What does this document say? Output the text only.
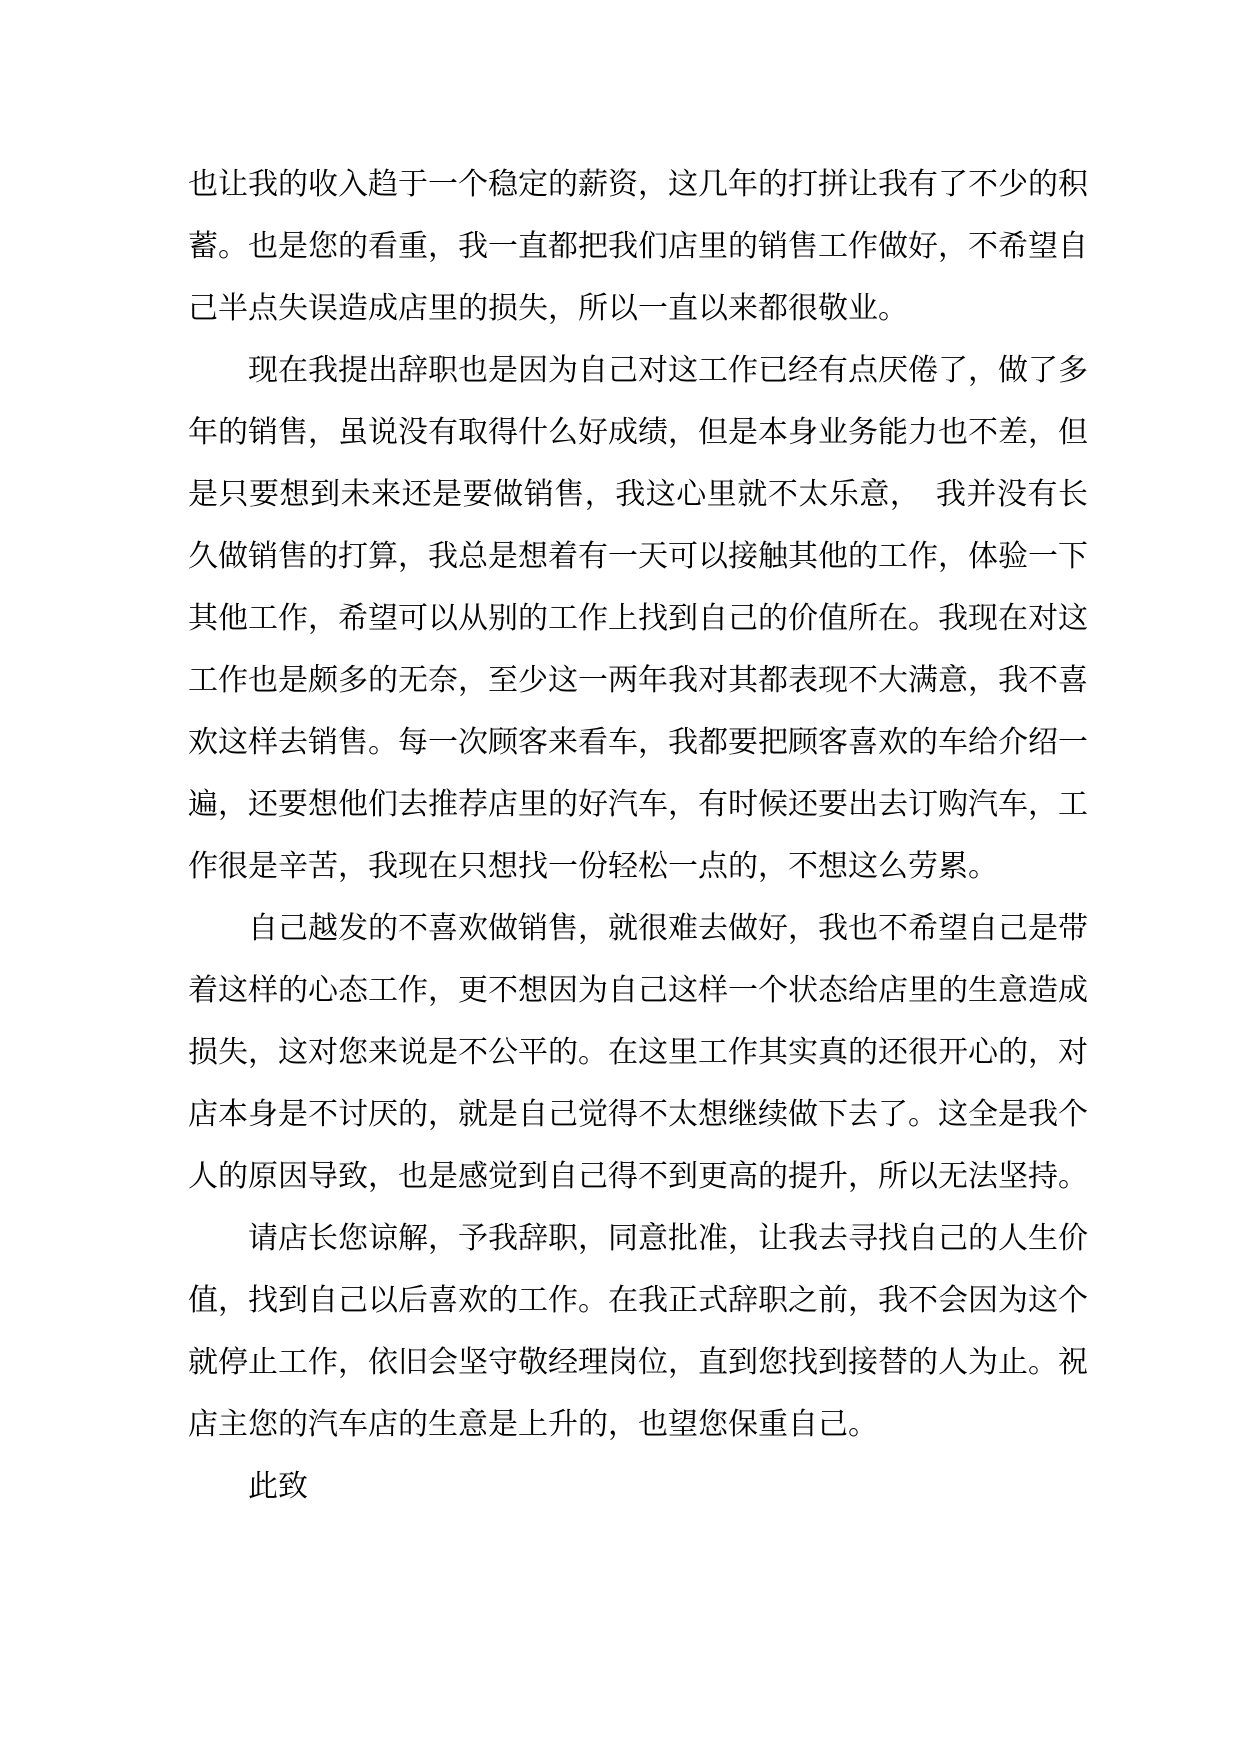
也让我的收入趋于一个稳定的薪资，这几年的打拼让我有了不少的积蓄。也是您的看重，我一直都把我们店里的销售工作做好，不希望自己半点失误造成店里的损失，所以一直以来都很敬业。

现在我提出辞职也是因为自己对这工作已经有点厌倦了，做了多年的销售，虽说没有取得什么好成绩，但是本身业务能力也不差，但是只要想到未来还是要做销售，我这心里就不太乐意，　我并没有长久做销售的打算，我总是想着有一天可以接触其他的工作，体验一下其他工作，希望可以从别的工作上找到自己的价值所在。我现在对这工作也是颇多的无奈，至少这一两年我对其都表现不大满意，我不喜欢这样去销售。每一次顾客来看车，我都要把顾客喜欢的车给介绍一遍，还要想他们去推荐店里的好汽车，有时候还要出去订购汽车，工作很是辛苦，我现在只想找一份轻松一点的，不想这么劳累。

自己越发的不喜欢做销售，就很难去做好，我也不希望自己是带着这样的心态工作，更不想因为自己这样一个状态给店里的生意造成损失，这对您来说是不公平的。在这里工作其实真的还很开心的，对店本身是不讨厌的，就是自己觉得不太想继续做下去了。这全是我个人的原因导致，也是感觉到自己得不到更高的提升，所以无法坚持。

请店长您谅解，予我辞职，同意批准，让我去寻找自己的人生价值，找到自己以后喜欢的工作。在我正式辞职之前，我不会因为这个就停止工作，依旧会坚守敬经理岗位，直到您找到接替的人为止。祝店主您的汽车店的生意是上升的，也望您保重自己。

此致
